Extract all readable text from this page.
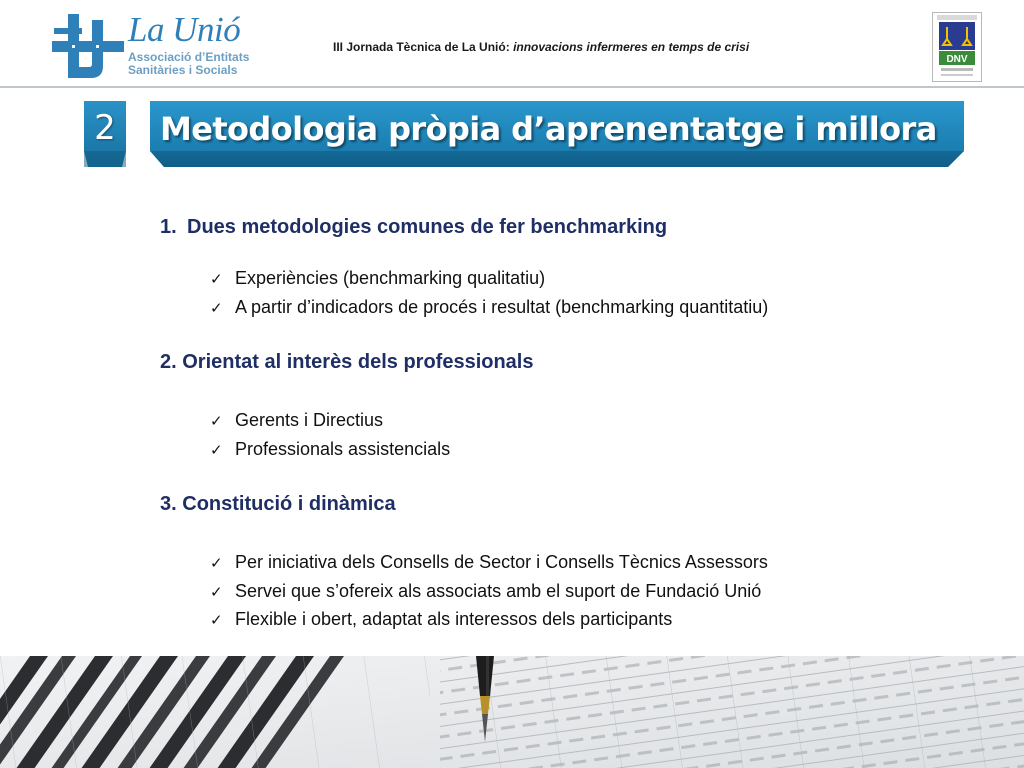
La Unió
Associació d’Entitats
Sanitàries i Socials
III Jornada Tècnica de La Unió: innovacions infermeres en temps de crisi
DNV
2	Metodologia pròpia d’aprenentatge i millora
1. Dues metodologies comunes de fer benchmarking
✓ Experiències (benchmarking qualitatiu)
✓ A partir d’indicadors de procés i resultat (benchmarking quantitatiu)
2. Orientat al interès dels professionals
✓ Gerents i Directius
✓ Professionals assistencials
3. Constitució i dinàmica
✓ Per iniciativa dels Consells de Sector i Consells Tècnics Assessors
✓ Servei que s’ofereix als associats amb el suport de Fundació Unió
✓ Flexible i obert, adaptat als interessos dels participants
